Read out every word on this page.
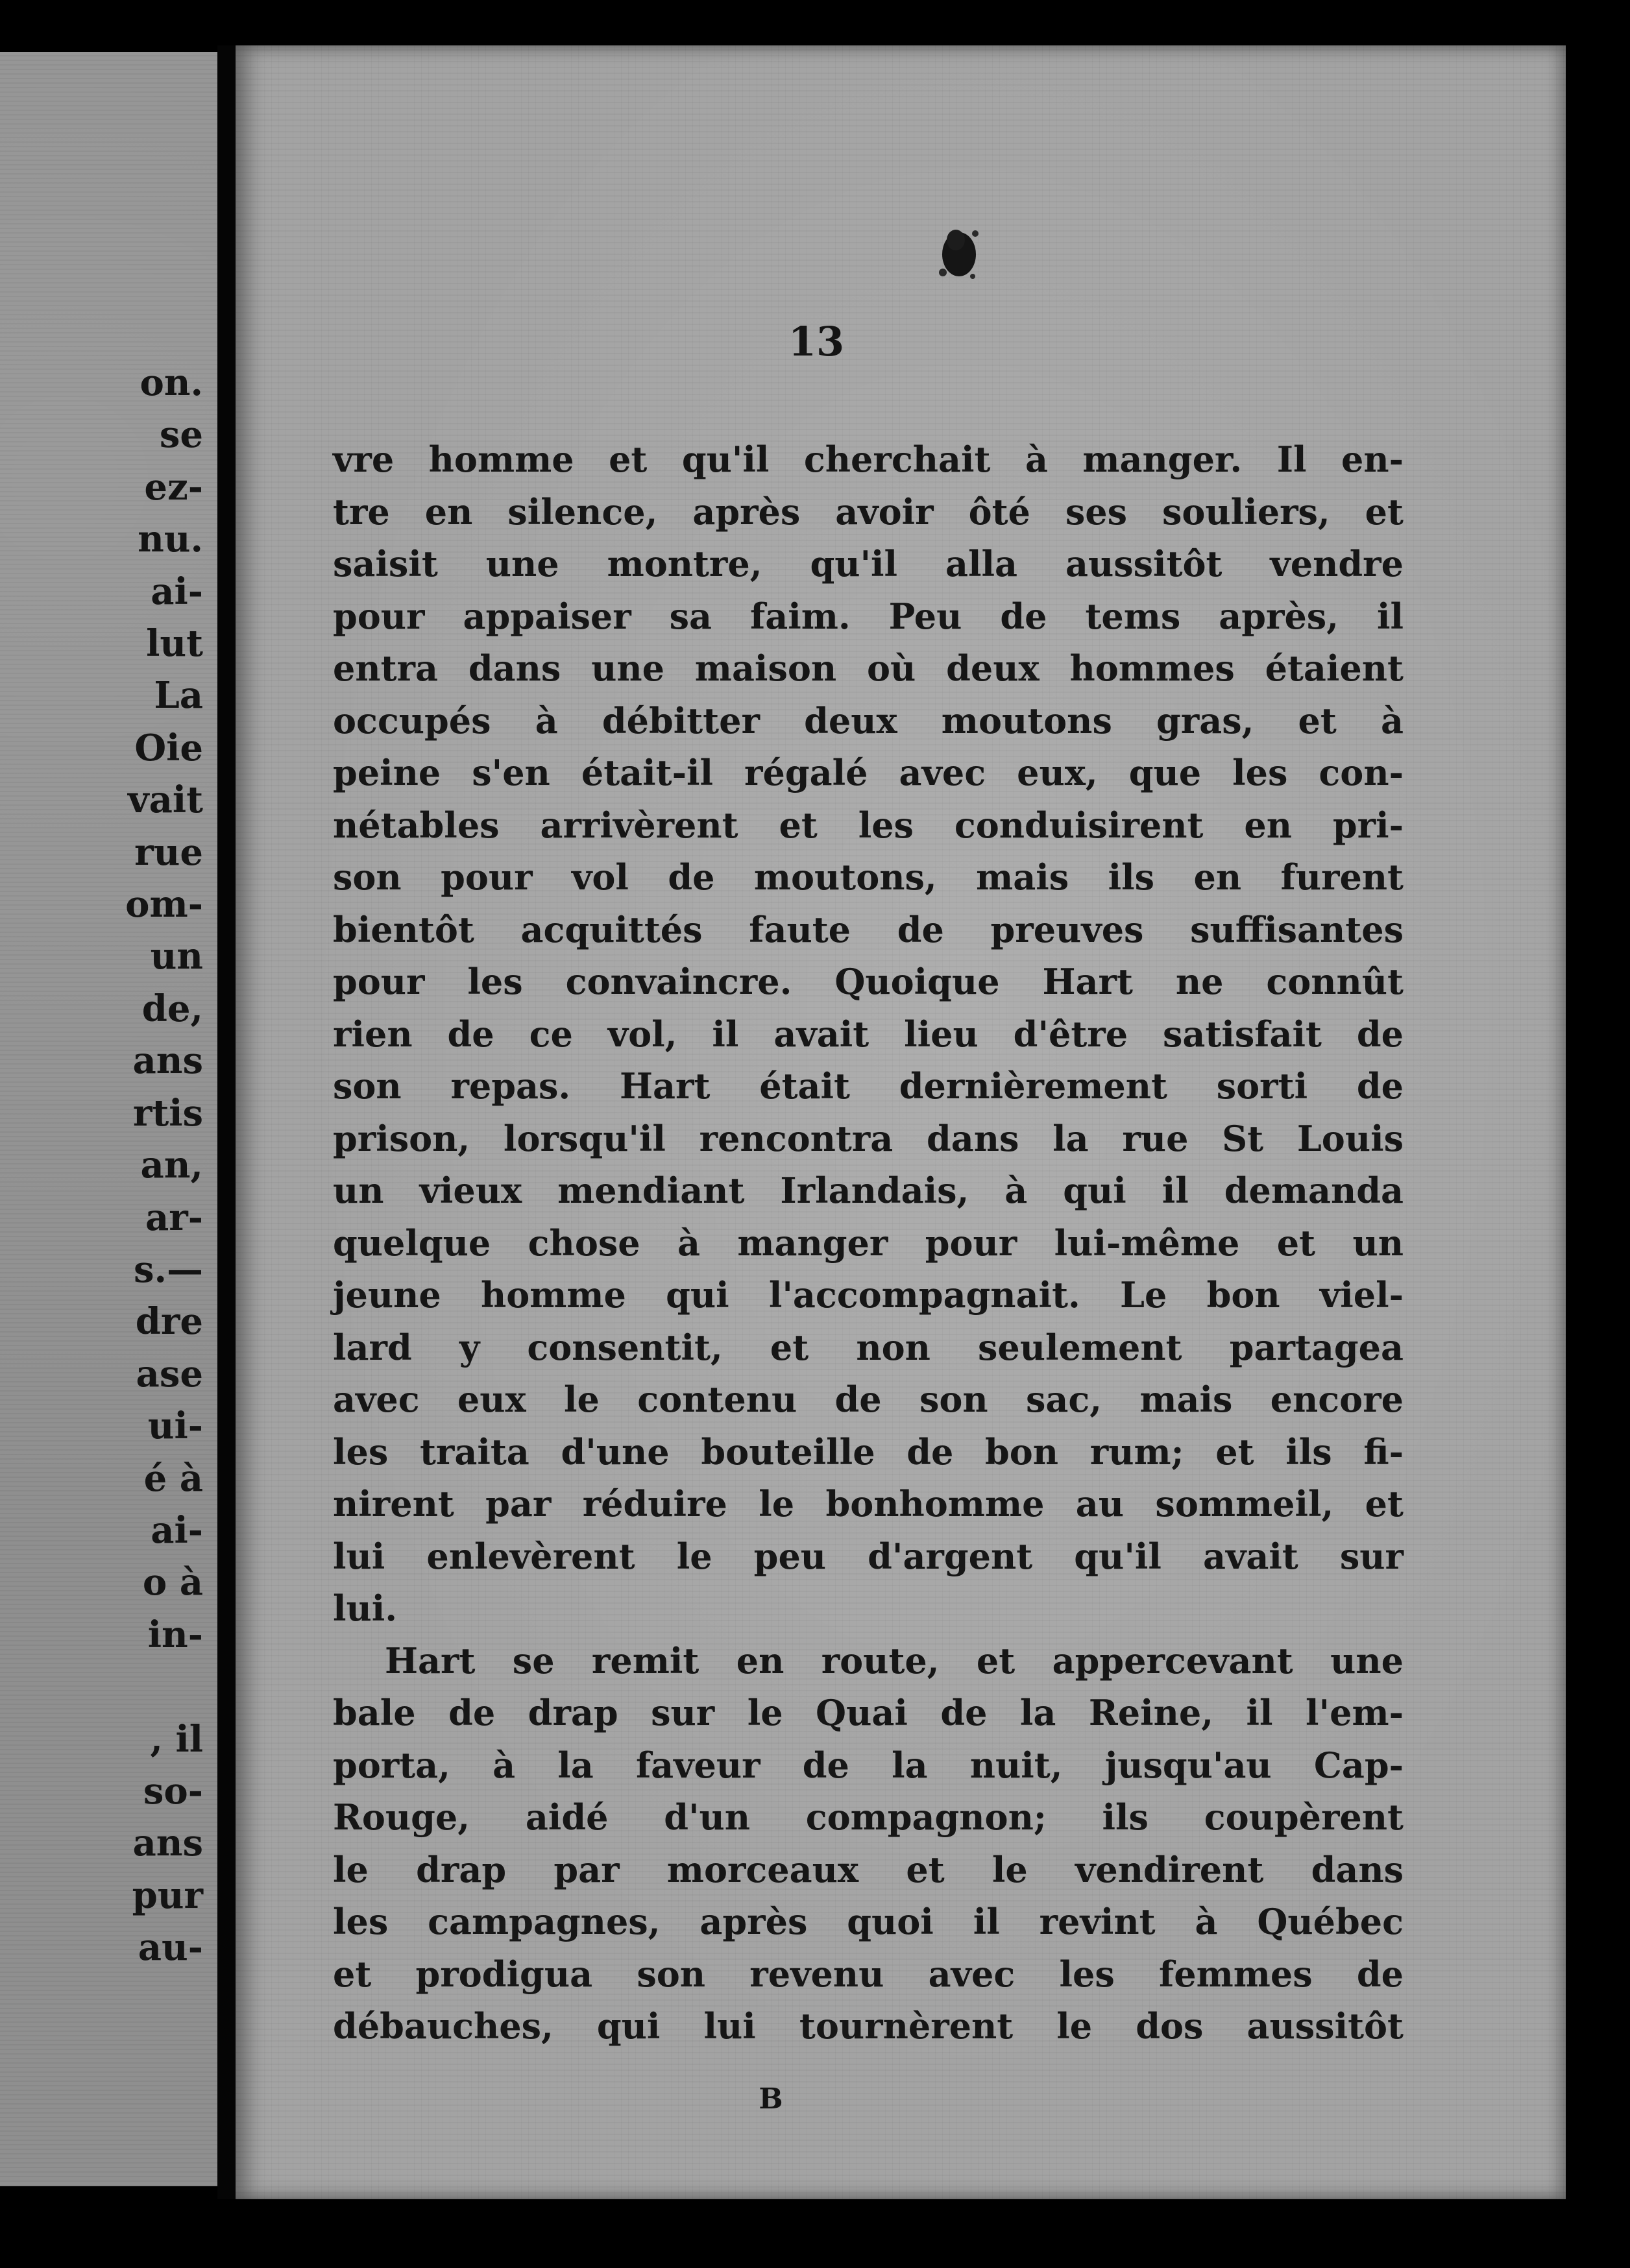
on.
se
ez-
nu.
ai-
lut
La
Oie
vait
rue
om-
un
de,
ans
rtis
an,
ar-
s.—
dre
ase
ui-
é à
ai-
o à
in-

, il
so-
ans
pur
au-

13

vre homme et qu'il cherchait à manger. Il en-
tre en silence, après avoir ôté ses souliers, et
saisit une montre, qu'il alla aussitôt vendre
pour appaiser sa faim. Peu de tems après, il
entra dans une maison où deux hommes étaient
occupés à débitter deux moutons gras, et à
peine s'en était-il régalé avec eux, que les con-
nétables arrivèrent et les conduisirent en pri-
son pour vol de moutons, mais ils en furent
bientôt acquittés faute de preuves suffisantes
pour les convaincre. Quoique Hart ne connût
rien de ce vol, il avait lieu d'être satisfait de
son repas. Hart était dernièrement sorti de
prison, lorsqu'il rencontra dans la rue St Louis
un vieux mendiant Irlandais, à qui il demanda
quelque chose à manger pour lui-même et un
jeune homme qui l'accompagnait. Le bon viel-
lard y consentit, et non seulement partagea
avec eux le contenu de son sac, mais encore
les traita d'une bouteille de bon rum; et ils fi-
nirent par réduire le bonhomme au sommeil, et
lui enlevèrent le peu d'argent qu'il avait sur
lui.
Hart se remit en route, et appercevant une
bale de drap sur le Quai de la Reine, il l'em-
porta, à la faveur de la nuit, jusqu'au Cap-
Rouge, aidé d'un compagnon; ils coupèrent
le drap par morceaux et le vendirent dans
les campagnes, après quoi il revint à Québec
et prodigua son revenu avec les femmes de
débauches, qui lui tournèrent le dos aussitôt

B
